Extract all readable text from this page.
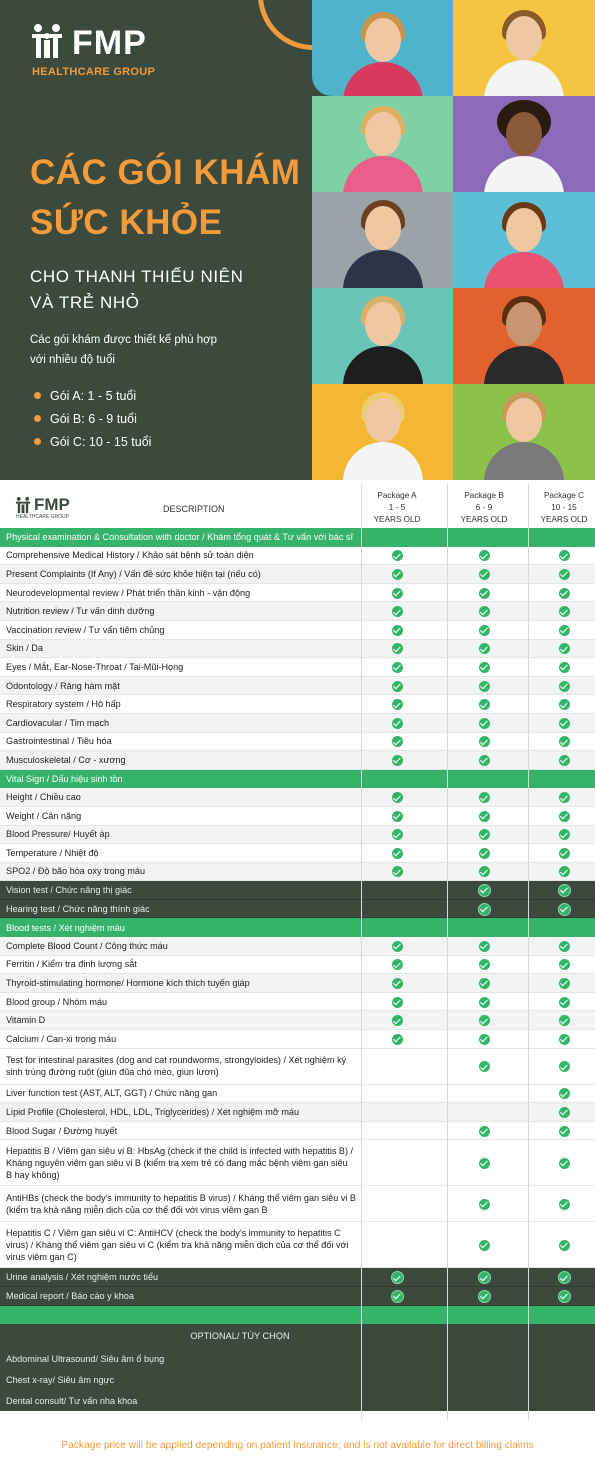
FMP
HEALTHCARE GROUP
CÁC GÓI KHÁM
SỨC KHỎE
CHO THANH THIẾU NIÊN
VÀ TRẺ NHỎ
Các gói khám được thiết kế phù hợp
với nhiều độ tuổi
Gói A: 1 - 5 tuổi
Gói B: 6 - 9 tuổi
Gói C: 10 - 15 tuổi
FMP
HEALTHCARE GROUP
DESCRIPTION
Package A
1 - 5
YEARS OLD
Package B
6 - 9
YEARS OLD
Package C
10 - 15
YEARS OLD
Physical examination & Consultation with doctor / Khám tổng quát & Tư vấn với bác sĩ
Comprehensive Medical History / Khảo sát bệnh sử toàn diện
Present Complaints (If Any) / Vấn đề sức khỏe hiện tại (nếu có)
Neurodevelopmental review / Phát triển thần kinh - vận động
Nutrition review / Tư vấn dinh dưỡng
Vaccination review / Tư vấn tiêm chủng
Skin / Da
Eyes / Mắt, Ear-Nose-Throat / Tai-Mũi-Họng
Odontology / Răng hàm mặt
Respiratory system / Hô hấp
Cardiovacular / Tim mạch
Gastrointestinal / Tiêu hóa
Musculoskeletal / Cơ - xương
Vital Sign / Dấu hiệu sinh tồn
Height / Chiều cao
Weight / Cân nặng
Blood Pressure/ Huyết áp
Temperature / Nhiệt độ
SPO2 / Độ bão hòa oxy trong máu
Vision test / Chức năng thị giác
Hearing test / Chức năng thính giác
Blood tests / Xét nghiệm máu
Complete Blood Count / Công thức máu
Ferritin / Kiểm tra định lượng sắt
Thyroid-stimulating hormone/ Hormone kích thích tuyến giáp
Blood group / Nhóm máu
Vitamin D
Calcium / Can-xi trong máu
Test for intestinal parasites (dog and cat roundworms, strongyloides) / Xét nghiệm ký sinh trùng đường ruột (giun đũa chó mèo, giun lươn)
Liver function test (AST, ALT, GGT) / Chức năng gan
Lipid Profile (Cholesterol, HDL, LDL, Triglycerides) / Xét nghiệm mỡ máu
Blood Sugar / Đường huyết
Hepatitis B / Viêm gan siêu vi B: HbsAg (check if the child is infected with hepatitis B) / Kháng nguyên viêm gan siêu vi B (kiểm tra xem trẻ có đang mắc bệnh viêm gan siêu B hay không)
AntiHBs (check the body's immunity to hepatitis B virus) / Kháng thể viêm gan siêu vi B (kiểm tra khả năng miễn dịch của cơ thể đối với virus viêm gan B
Hepatitis C / Viêm gan siêu vi C: AntiHCV (check the body's immunity to hepatitis C virus) / Kháng thể viêm gan siêu vi C (kiểm tra khả năng miễn dịch của cơ thể đối với virus viêm gan C)
Urine analysis / Xét nghiệm nước tiểu
Medical report / Báo cáo y khoa
OPTIONAL/ TÙY CHỌN
Abdominal Ultrasound/ Siêu âm ổ bụng
Chest x-ray/ Siêu âm ngực
Dental consult/ Tư vấn nha khoa
Package price will be applied depending on patient insurance; and is not available for direct billing claims
